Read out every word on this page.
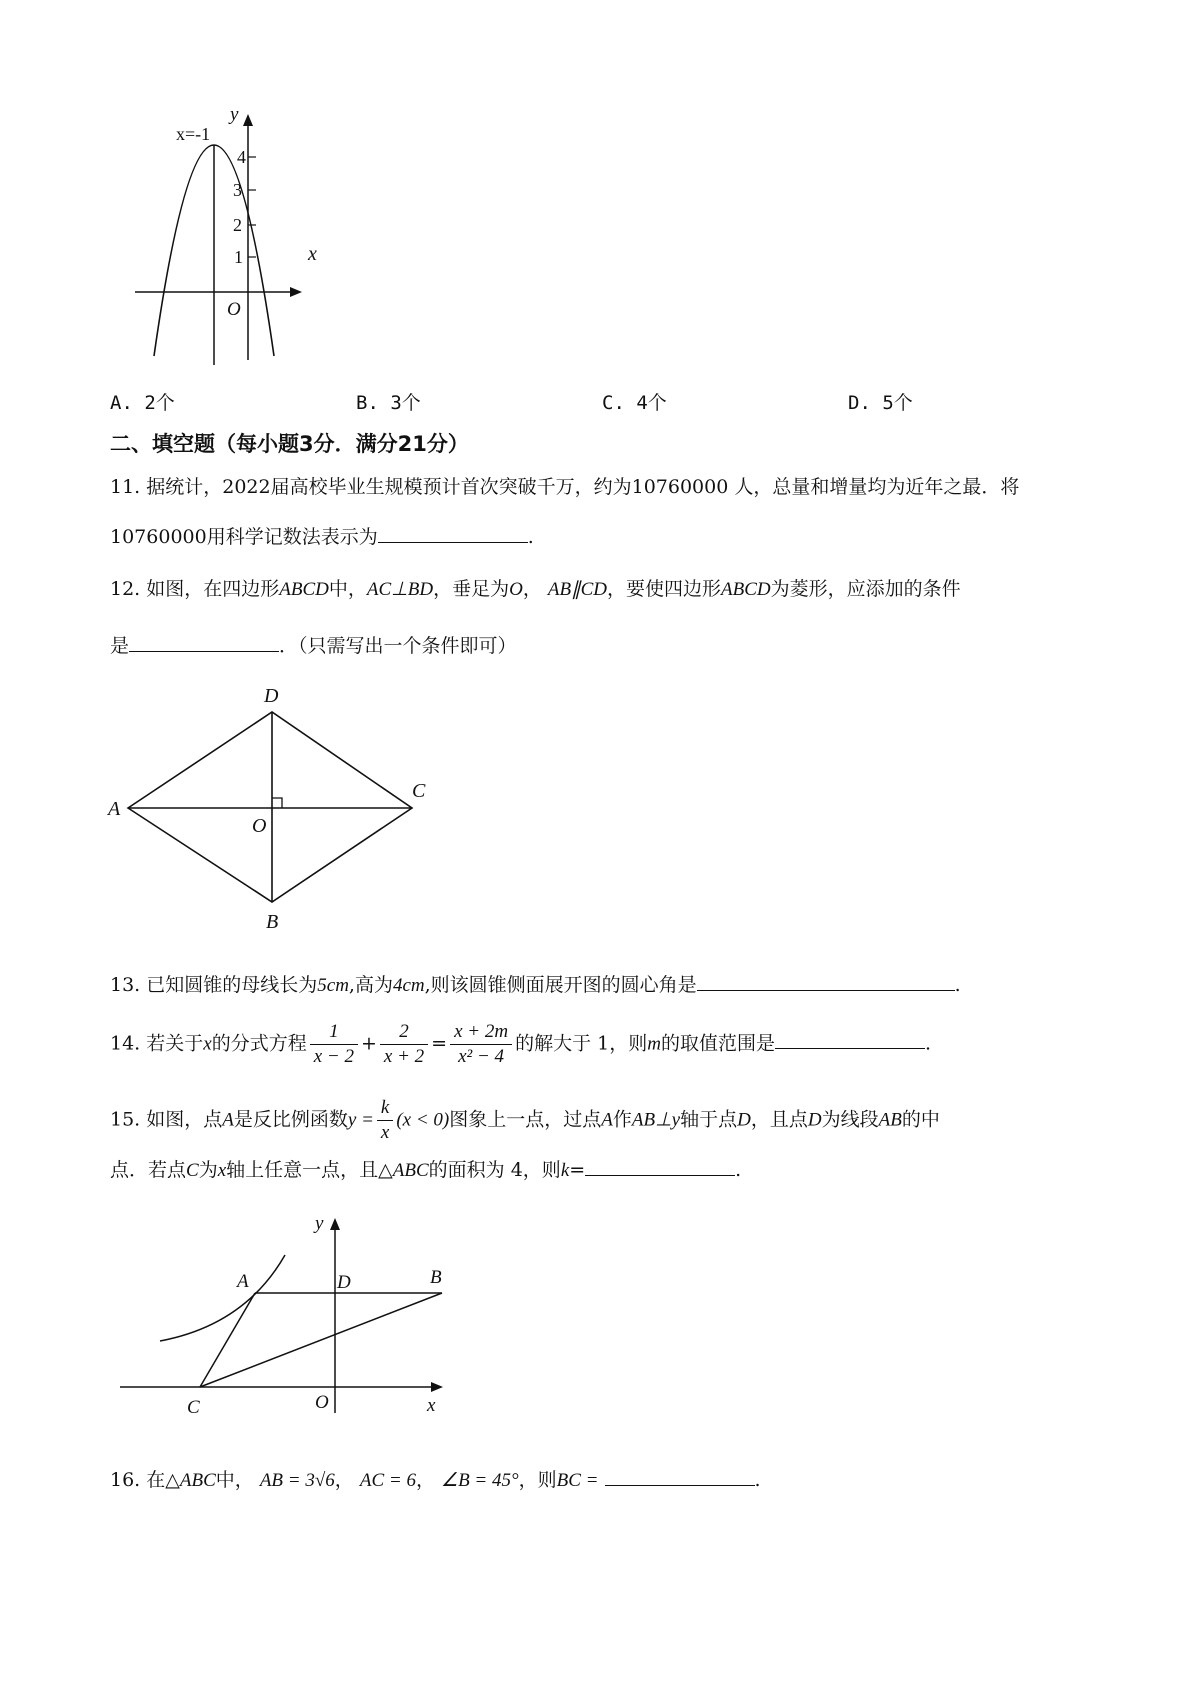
y
x
O
x=-1
4
3
2
1
A. 2个	B. 3个	C. 4个	D. 5个
二、填空题（每小题3分．满分21分）
11. 据统计，2022届高校毕业生规模预计首次突破千万，约为10760000 人，总量和增量均为近年之最．将
10760000用科学记数法表示为	.
12. 如图，在四边形ABCD中，AC⊥BD，垂足为O， AB∥CD，要使四边形ABCD为菱形，应添加的条件
是	．（只需写出一个条件即可）
A
D
C
B
O
13. 已知圆锥的母线长为5cm,高为4cm,则该圆锥侧面展开图的圆心角是	.
14. 若关于x的分式方程 $\frac{1}{x - 2} + \frac{2}{x + 2} = \frac{x + 2m}{\text{x² − 4}}$ 的解大于 1，则m的取值范围是	.
15. 如图，点A是反比例函数$y = \frac{k}{x} (x < 0)$图象上一点，过点A作AB⊥y轴于点D，且点D为线段AB的中
点．若点C为x轴上任意一点，且△ABC的面积为 4，则k=	.
A	D	B
C	O	x
y
16. 在△ABC中， AB = 3√6， AC = 6， ∠B = 45°，则BC =	.
